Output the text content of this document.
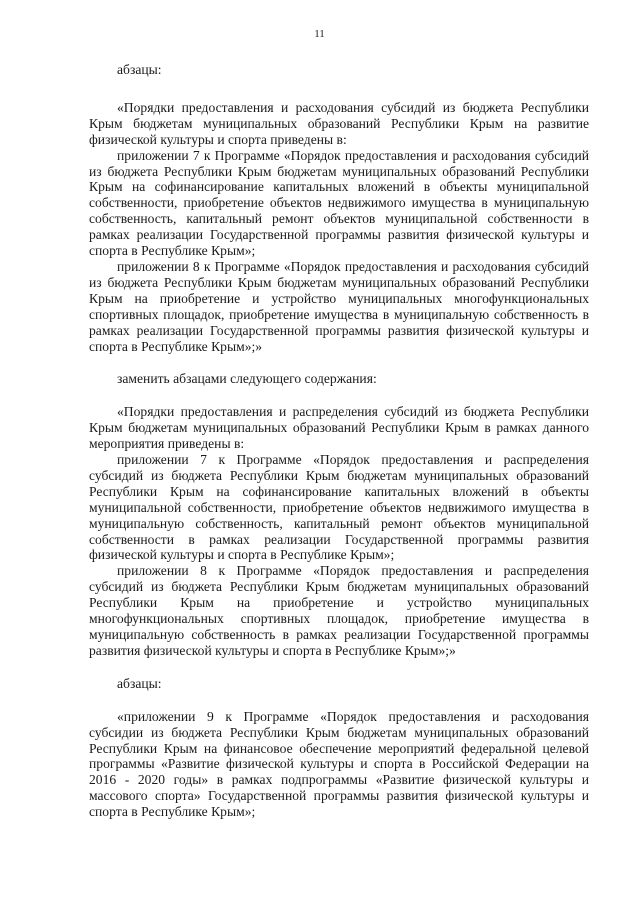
11

абзацы:

«Порядки предоставления и расходования субсидий из бюджета Республики Крым бюджетам муниципальных образований Республики Крым на развитие физической культуры и спорта приведены в:

приложении 7 к Программе «Порядок предоставления и расходования субсидий из бюджета Республики Крым бюджетам муниципальных образований Республики Крым на софинансирование капитальных вложений в объекты муниципальной собственности, приобретение объектов недвижимого имущества в муниципальную собственность, капитальный ремонт объектов муниципальной собственности в рамках реализации Государственной программы развития физической культуры и спорта в Республике Крым»;

приложении 8 к Программе «Порядок предоставления и расходования субсидий из бюджета Республики Крым бюджетам муниципальных образований Республики Крым на приобретение и устройство муниципальных многофункциональных спортивных площадок, приобретение имущества в муниципальную собственность в рамках реализации Государственной программы развития физической культуры и спорта в Республике Крым»;»

заменить абзацами следующего содержания:

«Порядки предоставления и распределения субсидий из бюджета Республики Крым бюджетам муниципальных образований Республики Крым в рамках данного мероприятия приведены в:

приложении 7 к Программе «Порядок предоставления и распределения субсидий из бюджета Республики Крым бюджетам муниципальных образований Республики Крым на софинансирование капитальных вложений в объекты муниципальной собственности, приобретение объектов недвижимого имущества в муниципальную собственность, капитальный ремонт объектов муниципальной собственности в рамках реализации Государственной программы развития физической культуры и спорта в Республике Крым»;

приложении 8 к Программе «Порядок предоставления и распределения субсидий из бюджета Республики Крым бюджетам муниципальных образований Республики Крым на приобретение и устройство муниципальных многофункциональных спортивных площадок, приобретение имущества в муниципальную собственность в рамках реализации Государственной программы развития физической культуры и спорта в Республике Крым»;»

абзацы:

«приложении 9 к Программе «Порядок предоставления и расходования субсидии из бюджета Республики Крым бюджетам муниципальных образований Республики Крым на финансовое обеспечение мероприятий федеральной целевой программы «Развитие физической культуры и спорта в Российской Федерации на 2016 - 2020 годы» в рамках подпрограммы «Развитие физической культуры и массового спорта» Государственной программы развития физической культуры и спорта в Республике Крым»;
